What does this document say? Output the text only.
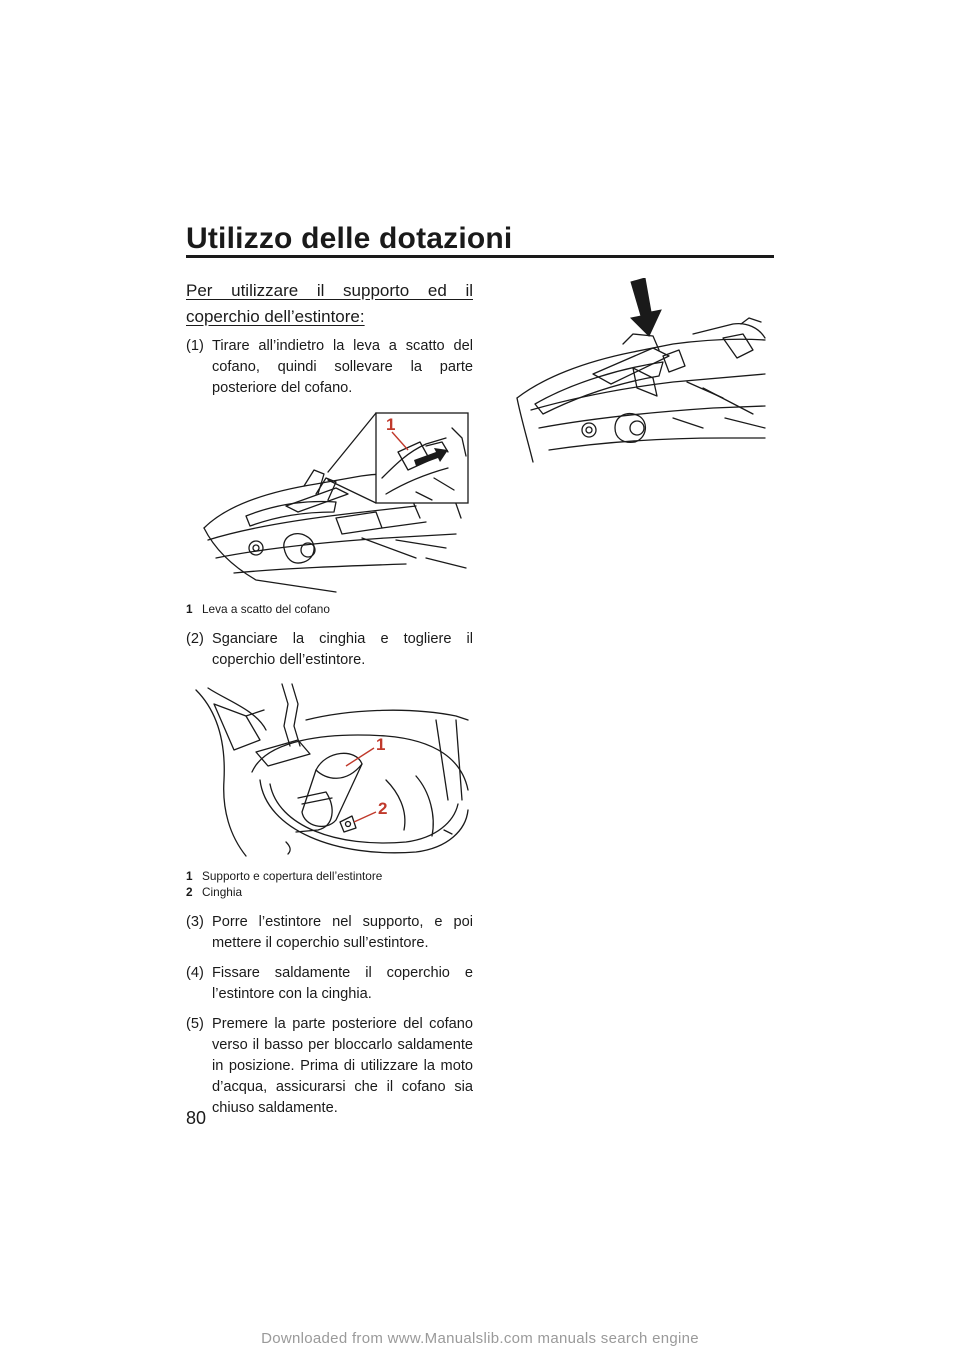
Utilizzo delle dotazioni

Per utilizzare il supporto ed il coperchio dell’estintore:

(1) Tirare all’indietro la leva a scatto del cofano, quindi sollevare la parte posteriore del cofano.
1
1 Leva a scatto del cofano
(2) Sganciare la cinghia e togliere il coperchio dell’estintore.
1
2
1 Supporto e copertura dell’estintore
2 Cinghia
(3) Porre l’estintore nel supporto, e poi mettere il coperchio sull’estintore.
(4) Fissare saldamente il coperchio e l’estintore con la cinghia.
(5) Premere la parte posteriore del cofano verso il basso per bloccarlo saldamente in posizione. Prima di utilizzare la moto d’acqua, assicurarsi che il cofano sia chiuso saldamente.
80
Downloaded from www.Manualslib.com manuals search engine
